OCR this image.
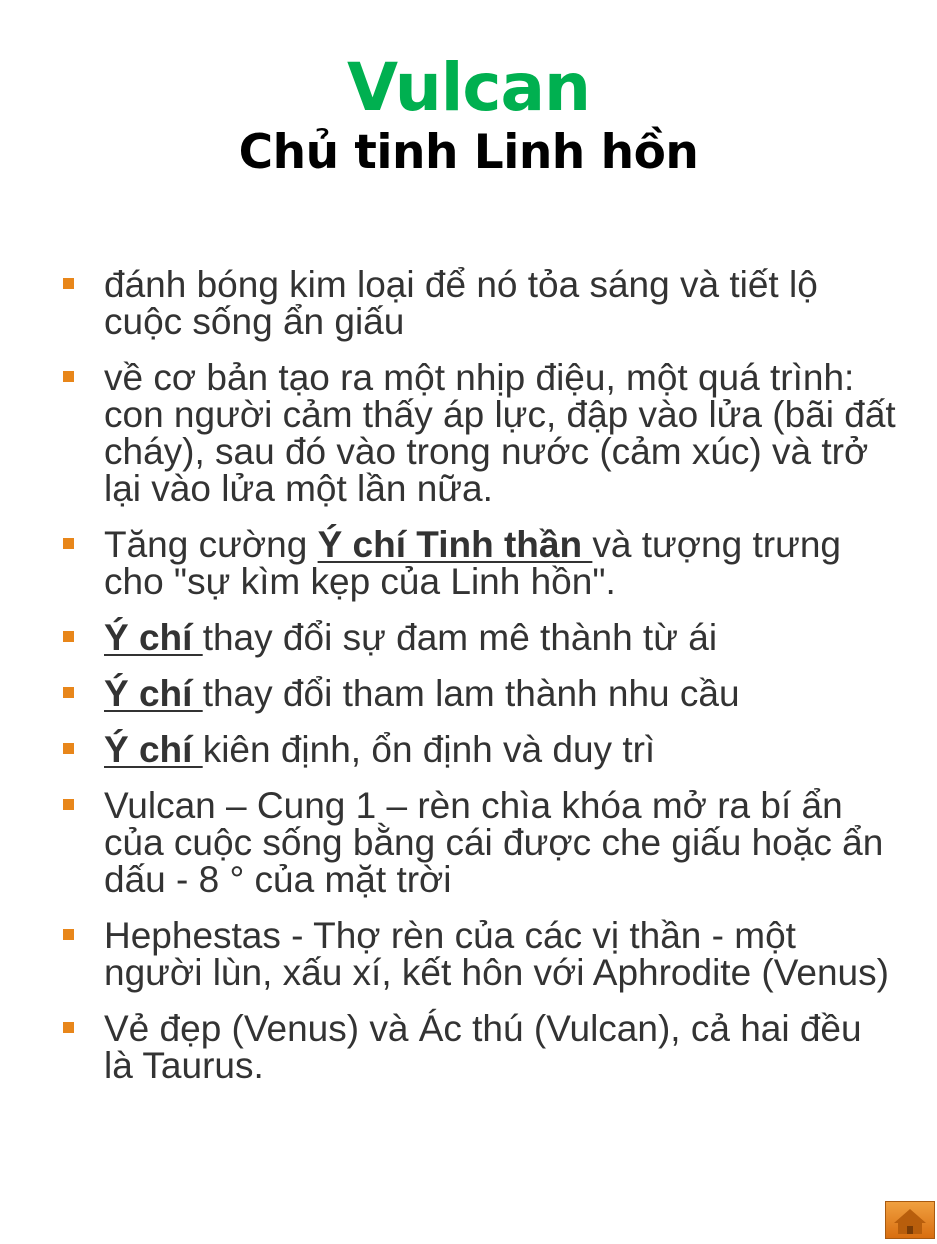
Vulcan
Chủ tinh Linh hồn
đánh bóng kim loại để nó tỏa sáng và tiết lộ cuộc sống ẩn giấu
về cơ bản tạo ra một nhịp điệu, một quá trình: con người cảm thấy áp lực, đập vào lửa (bãi đất cháy), sau đó vào trong nước (cảm xúc) và trở lại vào lửa một lần nữa.
Tăng cường Ý chí Tinh thần và tượng trưng cho "sự kìm kẹp của Linh hồn".
Ý chí thay đổi sự đam mê thành từ ái
Ý chí thay đổi tham lam thành nhu cầu
Ý chí kiên định, ổn định và duy trì
Vulcan – Cung 1 – rèn chìa khóa mở ra bí ẩn của cuộc sống bằng cái được che giấu hoặc ẩn dấu - 8 ° của mặt trời
Hephestas - Thợ rèn của các vị thần - một người lùn, xấu xí, kết hôn với Aphrodite (Venus)
Vẻ đẹp (Venus) và Ác thú (Vulcan), cả hai đều là Taurus.
